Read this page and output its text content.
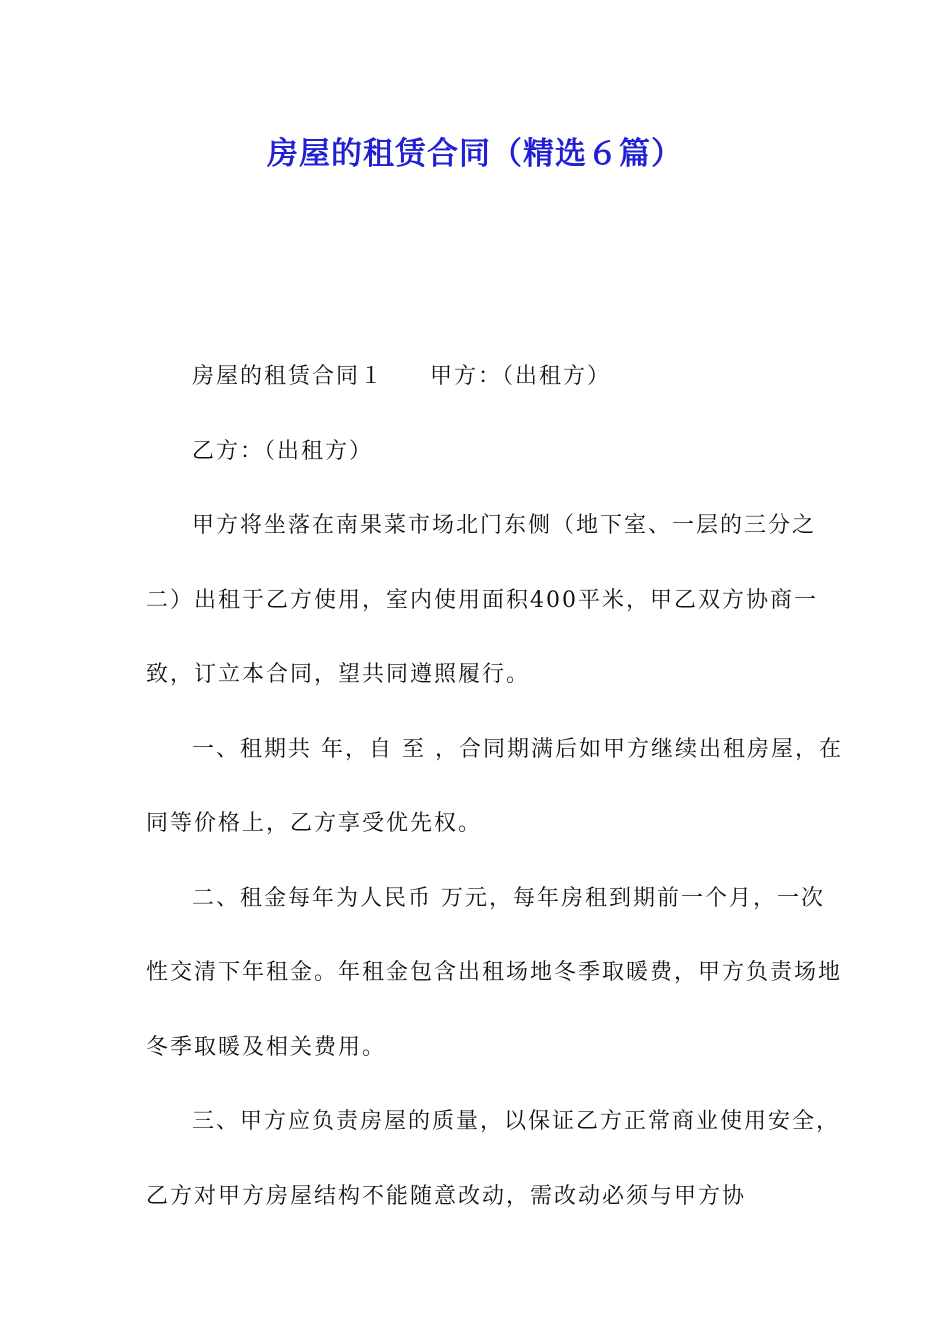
房屋的租赁合同（精选６篇）

房屋的租赁合同１ 甲方：（出租方）

乙方：（出租方）

甲方将坐落在南果菜市场北门东侧（地下室、一层的三分之二）出租于乙方使用，室内使用面积400平米，甲乙双方协商一致，订立本合同，望共同遵照履行。

一、租期共 年，自 至 ，合同期满后如甲方继续出租房屋，在同等价格上，乙方享受优先权。

二、租金每年为人民币 万元，每年房租到期前一个月，一次性交清下年租金。年租金包含出租场地冬季取暖费，甲方负责场地冬季取暖及相关费用。

三、甲方应负责房屋的质量，以保证乙方正常商业使用安全，乙方对甲方房屋结构不能随意改动，需改动必须与甲方协
